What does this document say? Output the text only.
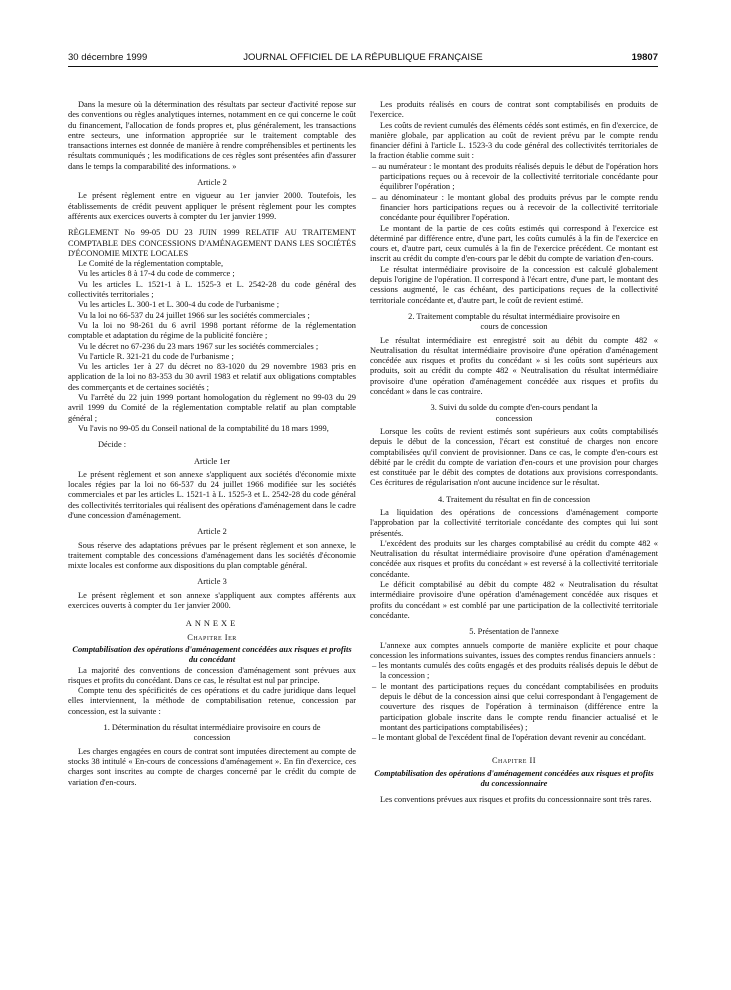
30 décembre 1999	JOURNAL OFFICIEL DE LA RÉPUBLIQUE FRANÇAISE	19807

Dans la mesure où la détermination des résultats par secteur d'activité repose sur des conventions ou règles analytiques internes, notamment en ce qui concerne le coût du financement, l'allocation de fonds propres et, plus généralement, les transactions entre secteurs, une information appropriée sur le traitement comptable des transactions internes est donnée de manière à rendre compréhensibles et pertinents les résultats communiqués ; les modifications de ces règles sont présentées afin d'assurer dans le temps la comparabilité des informations. »

Article 2

Le présent règlement entre en vigueur au 1er janvier 2000. Toutefois, les établissements de crédit peuvent appliquer le présent règlement pour les comptes afférents aux exercices ouverts à compter du 1er janvier 1999.

RÈGLEMENT No 99-05 DU 23 JUIN 1999 RELATIF AU TRAITEMENT COMPTABLE DES CONCESSIONS D'AMÉNAGEMENT DANS LES SOCIÉTÉS D'ÉCONOMIE MIXTE LOCALES

Le Comité de la réglementation comptable,

Vu les articles 8 à 17-4 du code de commerce ;

Vu les articles L. 1521-1 à L. 1525-3 et L. 2542-28 du code général des collectivités territoriales ;

Vu les articles L. 300-1 et L. 300-4 du code de l'urbanisme ;

Vu la loi no 66-537 du 24 juillet 1966 sur les sociétés commerciales ;

Vu la loi no 98-261 du 6 avril 1998 portant réforme de la réglementation comptable et adaptation du régime de la publicité foncière ;

Vu le décret no 67-236 du 23 mars 1967 sur les sociétés commerciales ;

Vu l'article R. 321-21 du code de l'urbanisme ;

Vu les articles 1er à 27 du décret no 83-1020 du 29 novembre 1983 pris en application de la loi no 83-353 du 30 avril 1983 et relatif aux obligations comptables des commerçants et de certaines sociétés ;

Vu l'arrêté du 22 juin 1999 portant homologation du règlement no 99-03 du 29 avril 1999 du Comité de la réglementation comptable relatif au plan comptable général ;

Vu l'avis no 99-05 du Conseil national de la comptabilité du 18 mars 1999,

Décide :

Article 1er

Le présent règlement et son annexe s'appliquent aux sociétés d'économie mixte locales régies par la loi no 66-537 du 24 juillet 1966 modifiée sur les sociétés commerciales et par les articles L. 1521-1 à L. 1525-3 et L. 2542-28 du code général des collectivités territoriales qui réalisent des opérations d'aménagement dans le cadre d'une concession d'aménagement.

Article 2

Sous réserve des adaptations prévues par le présent règlement et son annexe, le traitement comptable des concessions d'aménagement dans les sociétés d'économie mixte locales est conforme aux dispositions du plan comptable général.

Article 3

Le présent règlement et son annexe s'appliquent aux comptes afférents aux exercices ouverts à compter du 1er janvier 2000.

ANNEXE

Chapitre Ier

Comptabilisation des opérations d'aménagement concédées aux risques et profits du concédant

La majorité des conventions de concession d'aménagement sont prévues aux risques et profits du concédant. Dans ce cas, le résultat est nul par principe.

Compte tenu des spécificités de ces opérations et du cadre juridique dans lequel elles interviennent, la méthode de comptabilisation retenue, concession par concession, est la suivante :

1. Détermination du résultat intermédiaire provisoire en cours de concession

Les charges engagées en cours de contrat sont imputées directement au compte de stocks 38 intitulé « En-cours de concessions d'aménagement ». En fin d'exercice, ces charges sont inscrites au compte de charges concerné par le crédit du compte de variation d'en-cours.

Les produits réalisés en cours de contrat sont comptabilisés en produits de l'exercice.

Les coûts de revient cumulés des éléments cédés sont estimés, en fin d'exercice, de manière globale, par application au coût de revient prévu par le compte rendu financier défini à l'article L. 1523-3 du code général des collectivités territoriales de la fraction établie comme suit :

– au numérateur : le montant des produits réalisés depuis le début de l'opération hors participations reçues ou à recevoir de la collectivité territoriale concédante pour équilibrer l'opération ;

– au dénominateur : le montant global des produits prévus par le compte rendu financier hors participations reçues ou à recevoir de la collectivité territoriale concédante pour équilibrer l'opération.

Le montant de la partie de ces coûts estimés qui correspond à l'exercice est déterminé par différence entre, d'une part, les coûts cumulés à la fin de l'exercice en cours et, d'autre part, ceux cumulés à la fin de l'exercice précédent. Ce montant est inscrit au crédit du compte d'en-cours par le débit du compte de variation d'en-cours.

Le résultat intermédiaire provisoire de la concession est calculé globalement depuis l'origine de l'opération. Il correspond à l'écart entre, d'une part, le montant des cessions augmenté, le cas échéant, des participations reçues de la collectivité territoriale concédante et, d'autre part, le coût de revient estimé.

2. Traitement comptable du résultat intermédiaire provisoire en cours de concession

Le résultat intermédiaire est enregistré soit au débit du compte 482 « Neutralisation du résultat intermédiaire provisoire d'une opération d'aménagement concédée aux risques et profits du concédant » si les coûts sont supérieurs aux produits, soit au crédit du compte 482 « Neutralisation du résultat intermédiaire provisoire d'une opération d'aménagement concédée aux risques et profits du concédant » dans le cas contraire.

3. Suivi du solde du compte d'en-cours pendant la concession

Lorsque les coûts de revient estimés sont supérieurs aux coûts comptabilisés depuis le début de la concession, l'écart est constitué de charges non encore comptabilisées qu'il convient de provisionner. Dans ce cas, le compte d'en-cours est débité par le crédit du compte de variation d'en-cours et une provision pour charges est constituée par le débit des comptes de dotations aux provisions correspondants. Ces écritures de régularisation n'ont aucune incidence sur le résultat.

4. Traitement du résultat en fin de concession

La liquidation des opérations de concessions d'aménagement comporte l'approbation par la collectivité territoriale concédante des comptes qui lui sont présentés.

L'excédent des produits sur les charges comptabilisé au crédit du compte 482 « Neutralisation du résultat intermédiaire provisoire d'une opération d'aménagement concédée aux risques et profits du concédant » est reversé à la collectivité territoriale concédante.

Le déficit comptabilisé au débit du compte 482 « Neutralisation du résultat intermédiaire provisoire d'une opération d'aménagement concédée aux risques et profits du concédant » est comblé par une participation de la collectivité territoriale concédante.

5. Présentation de l'annexe

L'annexe aux comptes annuels comporte de manière explicite et pour chaque concession les informations suivantes, issues des comptes rendus financiers annuels :

– les montants cumulés des coûts engagés et des produits réalisés depuis le début de la concession ;

– le montant des participations reçues du concédant comptabilisées en produits depuis le début de la concession ainsi que celui correspondant à l'engagement de couverture des risques de l'opération à terminaison (différence entre la participation globale inscrite dans le compte rendu financier actualisé et le montant des participations comptabilisées) ;

– le montant global de l'excédent final de l'opération devant revenir au concédant.

Chapitre II

Comptabilisation des opérations d'aménagement concédées aux risques et profits du concessionnaire

Les conventions prévues aux risques et profits du concessionnaire sont très rares.
